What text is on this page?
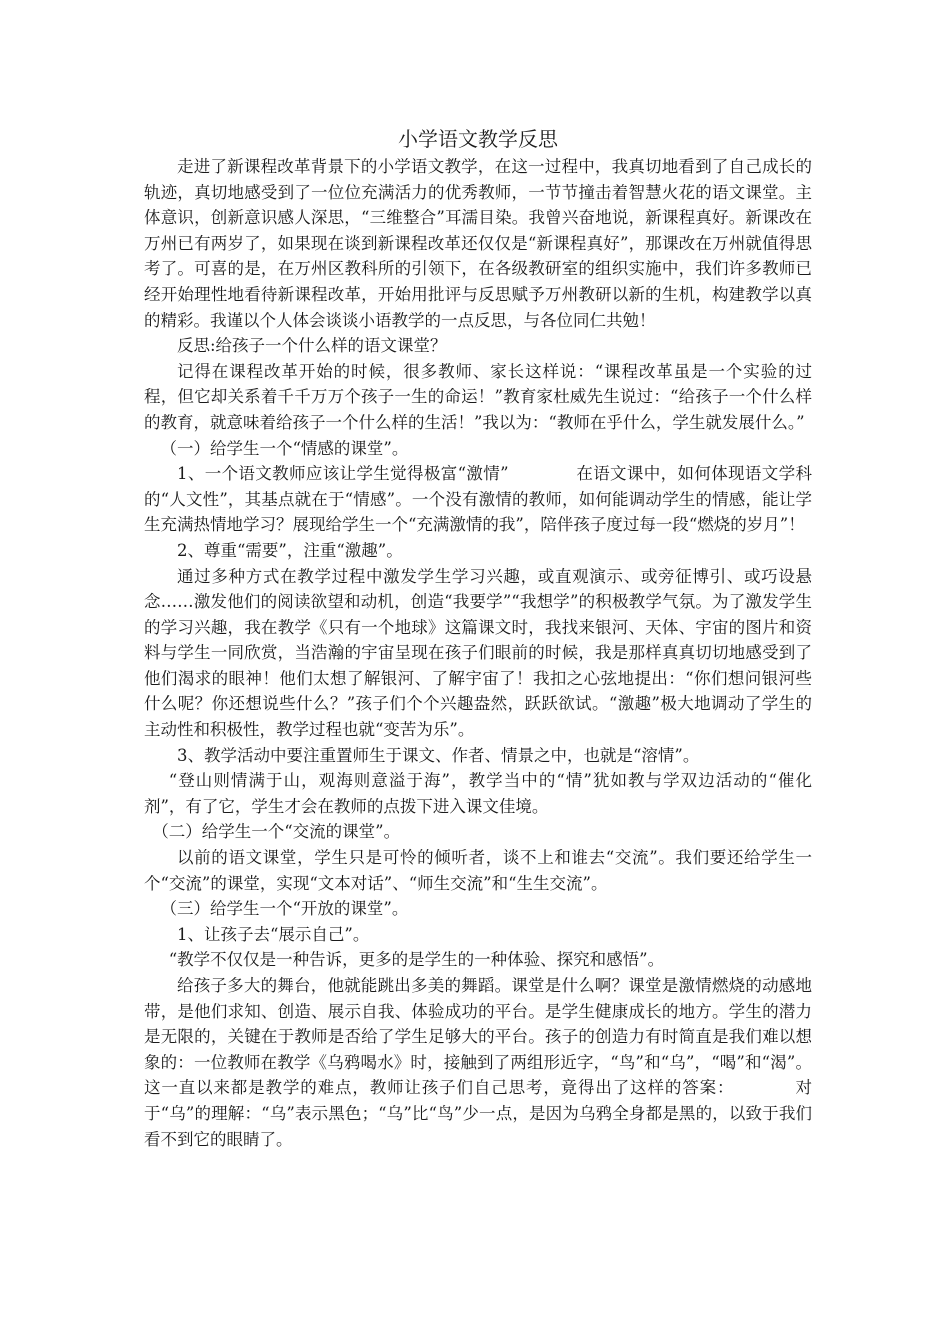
小学语文教学反思

走进了新课程改革背景下的小学语文教学，在这一过程中，我真切地看到了自己成长的轨迹，真切地感受到了一位位充满活力的优秀教师，一节节撞击着智慧火花的语文课堂。主体意识，创新意识感人深思，“三维整合”耳濡目染。我曾兴奋地说，新课程真好。新课改在万州已有两岁了，如果现在谈到新课程改革还仅仅是“新课程真好”，那课改在万州就值得思考了。可喜的是，在万州区教科所的引领下，在各级教研室的组织实施中，我们许多教师已经开始理性地看待新课程改革，开始用批评与反思赋予万州教研以新的生机，构建教学以真的精彩。我谨以个人体会谈谈小语教学的一点反思，与各位同仁共勉！

反思:给孩子一个什么样的语文课堂？

记得在课程改革开始的时候，很多教师、家长这样说：“课程改革虽是一个实验的过程，但它却关系着千千万万个孩子一生的命运！”教育家杜威先生说过：“给孩子一个什么样的教育，就意味着给孩子一个什么样的生活！”我以为：“教师在乎什么，学生就发展什么。”

（一）给学生一个“情感的课堂”。

1、一个语文教师应该让学生觉得极富“激情”　　　　在语文课中，如何体现语文学科的“人文性”，其基点就在于“情感”。一个没有激情的教师，如何能调动学生的情感，能让学生充满热情地学习？展现给学生一个“充满激情的我”，陪伴孩子度过每一段“燃烧的岁月”！

2、尊重“需要”，注重“激趣”。

通过多种方式在教学过程中激发学生学习兴趣，或直观演示、或旁征博引、或巧设悬念……激发他们的阅读欲望和动机，创造“我要学”“我想学”的积极教学气氛。为了激发学生的学习兴趣，我在教学《只有一个地球》这篇课文时，我找来银河、天体、宇宙的图片和资料与学生一同欣赏，当浩瀚的宇宙呈现在孩子们眼前的时候，我是那样真真切切地感受到了他们渴求的眼神！他们太想了解银河、了解宇宙了！我扣之心弦地提出：“你们想问银河些什么呢？你还想说些什么？”孩子们个个兴趣盎然，跃跃欲试。“激趣”极大地调动了学生的主动性和积极性，教学过程也就“变苦为乐”。

3、教学活动中要注重置师生于课文、作者、情景之中，也就是“溶情”。

“登山则情满于山，观海则意溢于海”，教学当中的“情”犹如教与学双边活动的“催化剂”，有了它，学生才会在教师的点拨下进入课文佳境。

（二）给学生一个“交流的课堂”。

以前的语文课堂，学生只是可怜的倾听者，谈不上和谁去“交流”。我们要还给学生一个“交流”的课堂，实现“文本对话”、“师生交流”和“生生交流”。

（三）给学生一个“开放的课堂”。

1、让孩子去“展示自己”。

“教学不仅仅是一种告诉，更多的是学生的一种体验、探究和感悟”。

给孩子多大的舞台，他就能跳出多美的舞蹈。课堂是什么啊？课堂是激情燃烧的动感地带，是他们求知、创造、展示自我、体验成功的平台。是学生健康成长的地方。学生的潜力是无限的，关键在于教师是否给了学生足够大的平台。孩子的创造力有时简直是我们难以想象的：一位教师在教学《乌鸦喝水》时，接触到了两组形近字，“鸟”和“乌”，“喝”和“渴”。这一直以来都是教学的难点，教师让孩子们自己思考，竟得出了这样的答案：　　　　对于“乌”的理解：“乌”表示黑色；“乌”比“鸟”少一点，是因为乌鸦全身都是黑的，以致于我们看不到它的眼睛了。
